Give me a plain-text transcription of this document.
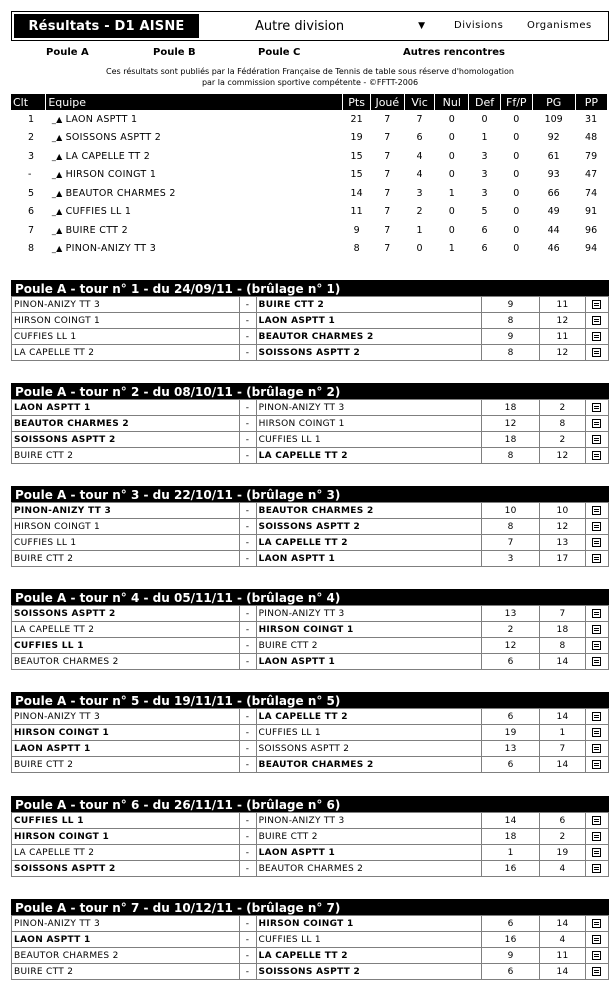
Résultats - D1 AISNE	Autre division	▼	Divisions Organismes
Poule A	Poule B	Poule C	Autres rencontres
Ces résultats sont publiés par la Fédération Française de Tennis de table sous réserve d'homologation
par la commission sportive compétente - ©FFTT-2006
Clt	Equipe	Pts	Joué	Vic	Nul	Def	Ff/P	PG	PP
1	_▲ LAON ASPTT 1	21	7	7	0	0	0	109	31
2	_▲ SOISSONS ASPTT 2	19	7	6	0	1	0	92	48
3	_▲ LA CAPELLE TT 2	15	7	4	0	3	0	61	79
-	_▲ HIRSON COINGT 1	15	7	4	0	3	0	93	47
5	_▲ BEAUTOR CHARMES 2	14	7	3	1	3	0	66	74
6	_▲ CUFFIES LL 1	11	7	2	0	5	0	49	91
7	_▲ BUIRE CTT 2	9	7	1	0	6	0	44	96
8	_▲ PINON-ANIZY TT 3	8	7	0	1	6	0	46	94
Poule A - tour n° 1 - du 24/09/11 - (brûlage n° 1)
PINON-ANIZY TT 3	-	BUIRE CTT 2	9	11	
HIRSON COINGT 1	-	LAON ASPTT 1	8	12	
CUFFIES LL 1	-	BEAUTOR CHARMES 2	9	11	
LA CAPELLE TT 2	-	SOISSONS ASPTT 2	8	12	
Poule A - tour n° 2 - du 08/10/11 - (brûlage n° 2)
LAON ASPTT 1	-	PINON-ANIZY TT 3	18	2	
BEAUTOR CHARMES 2	-	HIRSON COINGT 1	12	8	
SOISSONS ASPTT 2	-	CUFFIES LL 1	18	2	
BUIRE CTT 2	-	LA CAPELLE TT 2	8	12	
Poule A - tour n° 3 - du 22/10/11 - (brûlage n° 3)
PINON-ANIZY TT 3	-	BEAUTOR CHARMES 2	10	10	
HIRSON COINGT 1	-	SOISSONS ASPTT 2	8	12	
CUFFIES LL 1	-	LA CAPELLE TT 2	7	13	
BUIRE CTT 2	-	LAON ASPTT 1	3	17	
Poule A - tour n° 4 - du 05/11/11 - (brûlage n° 4)
SOISSONS ASPTT 2	-	PINON-ANIZY TT 3	13	7	
LA CAPELLE TT 2	-	HIRSON COINGT 1	2	18	
CUFFIES LL 1	-	BUIRE CTT 2	12	8	
BEAUTOR CHARMES 2	-	LAON ASPTT 1	6	14	
Poule A - tour n° 5 - du 19/11/11 - (brûlage n° 5)
PINON-ANIZY TT 3	-	LA CAPELLE TT 2	6	14	
HIRSON COINGT 1	-	CUFFIES LL 1	19	1	
LAON ASPTT 1	-	SOISSONS ASPTT 2	13	7	
BUIRE CTT 2	-	BEAUTOR CHARMES 2	6	14	
Poule A - tour n° 6 - du 26/11/11 - (brûlage n° 6)
CUFFIES LL 1	-	PINON-ANIZY TT 3	14	6	
HIRSON COINGT 1	-	BUIRE CTT 2	18	2	
LA CAPELLE TT 2	-	LAON ASPTT 1	1	19	
SOISSONS ASPTT 2	-	BEAUTOR CHARMES 2	16	4	
Poule A - tour n° 7 - du 10/12/11 - (brûlage n° 7)
PINON-ANIZY TT 3	-	HIRSON COINGT 1	6	14	
LAON ASPTT 1	-	CUFFIES LL 1	16	4	
BEAUTOR CHARMES 2	-	LA CAPELLE TT 2	9	11	
BUIRE CTT 2	-	SOISSONS ASPTT 2	6	14	
